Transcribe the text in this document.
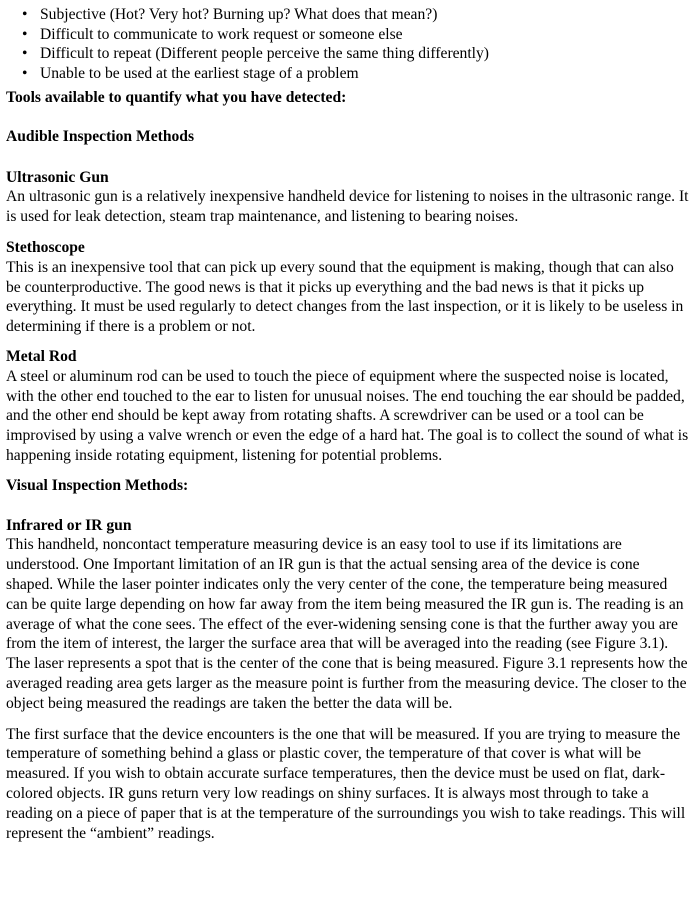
• Subjective (Hot? Very hot? Burning up? What does that mean?)
• Difficult to communicate to work request or someone else
• Difficult to repeat (Different people perceive the same thing differently)
• Unable to be used at the earliest stage of a problem
Tools available to quantify what you have detected:
Audible Inspection Methods
Ultrasonic Gun

An ultrasonic gun is a relatively inexpensive handheld device for listening to noises in the ultrasonic range. It is used for leak detection, steam trap maintenance, and listening to bearing noises.

Stethoscope

This is an inexpensive tool that can pick up every sound that the equipment is making, though that can also be counterproductive. The good news is that it picks up everything and the bad news is that it picks up everything. It must be used regularly to detect changes from the last inspection, or it is likely to be useless in determining if there is a problem or not.

Metal Rod

A steel or aluminum rod can be used to touch the piece of equipment where the suspected noise is located, with the other end touched to the ear to listen for unusual noises. The end touching the ear should be padded, and the other end should be kept away from rotating shafts. A screwdriver can be used or a tool can be improvised by using a valve wrench or even the edge of a hard hat. The goal is to collect the sound of what is happening inside rotating equipment, listening for potential problems.

Visual Inspection Methods:
Infrared or IR gun

This handheld, noncontact temperature measuring device is an easy tool to use if its limitations are understood. One Important limitation of an IR gun is that the actual sensing area of the device is cone shaped. While the laser pointer indicates only the very center of the cone, the temperature being measured can be quite large depending on how far away from the item being measured the IR gun is. The reading is an average of what the cone sees. The effect of the ever-widening sensing cone is that the further away you are from the item of interest, the larger the surface area that will be averaged into the reading (see Figure 3.1). The laser represents a spot that is the center of the cone that is being measured. Figure 3.1 represents how the averaged reading area gets larger as the measure point is further from the measuring device. The closer to the object being measured the readings are taken the better the data will be.

The first surface that the device encounters is the one that will be measured. If you are trying to measure the temperature of something behind a glass or plastic cover, the temperature of that cover is what will be measured. If you wish to obtain accurate surface temperatures, then the device must be used on flat, dark-colored objects. IR guns return very low readings on shiny surfaces. It is always most through to take a reading on a piece of paper that is at the temperature of the surroundings you wish to take readings. This will represent the “ambient” readings.
